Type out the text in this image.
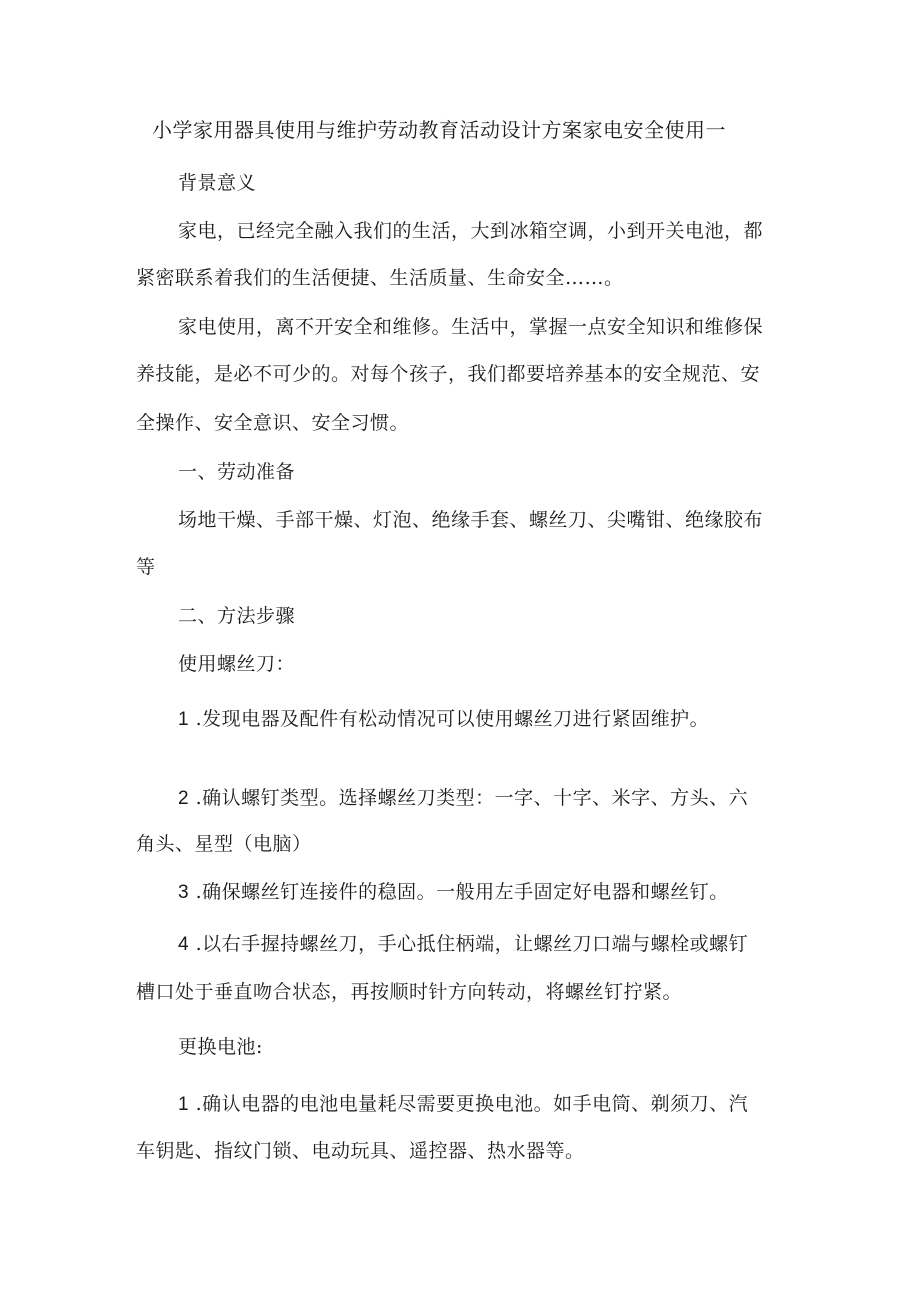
小学家用器具使用与维护劳动教育活动设计方案家电安全使用一
背景意义
家电，已经完全融入我们的生活，大到冰箱空调，小到开关电池，都
紧密联系着我们的生活便捷、生活质量、生命安全……。
家电使用，离不开安全和维修。生活中，掌握一点安全知识和维修保
养技能，是必不可少的。对每个孩子，我们都要培养基本的安全规范、安
全操作、安全意识、安全习惯。
一、劳动准备
场地干燥、手部干燥、灯泡、绝缘手套、螺丝刀、尖嘴钳、绝缘胶布
等
二、方法步骤
使用螺丝刀：
1 .发现电器及配件有松动情况可以使用螺丝刀进行紧固维护。
2 .确认螺钉类型。选择螺丝刀类型：一字、十字、米字、方头、六
角头、星型（电脑）
3 .确保螺丝钉连接件的稳固。一般用左手固定好电器和螺丝钉。
4 .以右手握持螺丝刀，手心抵住柄端，让螺丝刀口端与螺栓或螺钉
槽口处于垂直吻合状态，再按顺时针方向转动，将螺丝钉拧紧。
更换电池:
1 .确认电器的电池电量耗尽需要更换电池。如手电筒、剃须刀、汽
车钥匙、指纹门锁、电动玩具、遥控器、热水器等。
